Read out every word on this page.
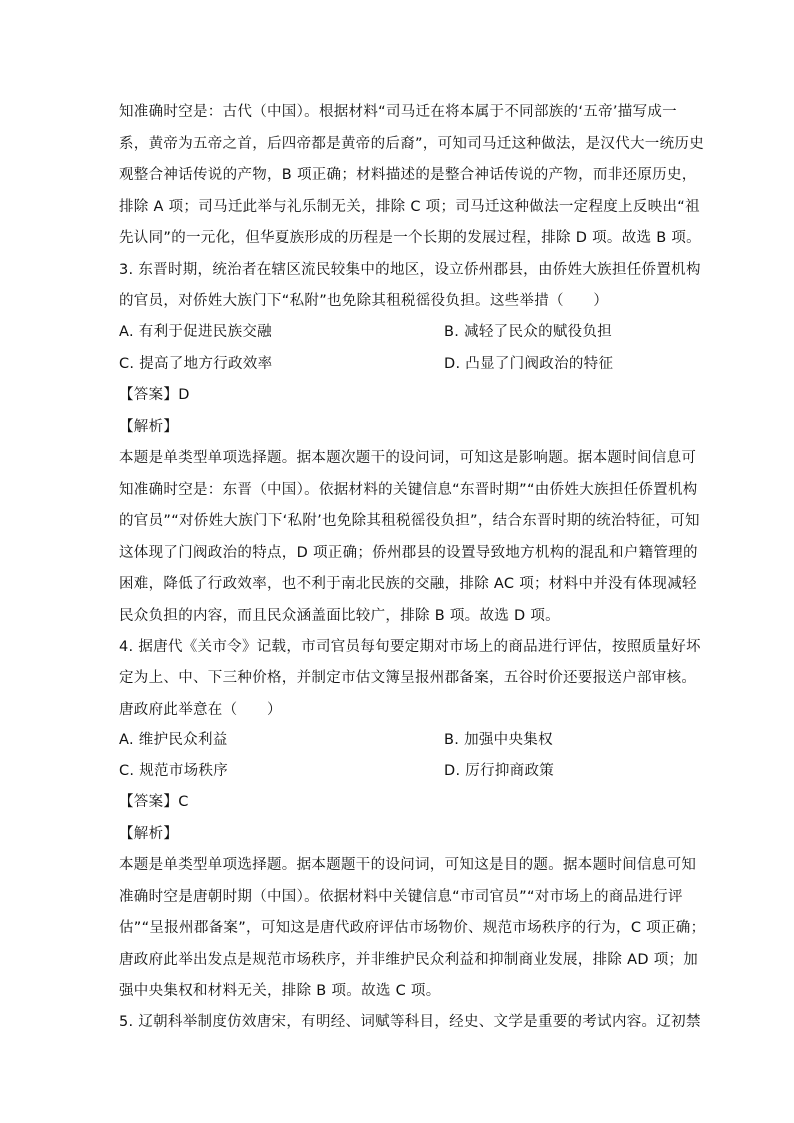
知准确时空是：古代（中国）。根据材料“司马迁在将本属于不同部族的‘五帝’描写成一
系，黄帝为五帝之首，后四帝都是黄帝的后裔”，可知司马迁这种做法，是汉代大一统历史
观整合神话传说的产物，B 项正确；材料描述的是整合神话传说的产物，而非还原历史，
排除 A 项；司马迁此举与礼乐制无关，排除 C 项；司马迁这种做法一定程度上反映出“祖
先认同”的一元化，但华夏族形成的历程是一个长期的发展过程，排除 D 项。故选 B 项。
3. 东晋时期，统治者在辖区流民较集中的地区，设立侨州郡县，由侨姓大族担任侨置机构
的官员，对侨姓大族门下“私附”也免除其租税徭役负担。这些举措（　　）
A. 有利于促进民族交融	B. 减轻了民众的赋役负担
C. 提高了地方行政效率	D. 凸显了门阀政治的特征
【答案】D
【解析】
本题是单类型单项选择题。据本题次题干的设问词，可知这是影响题。据本题时间信息可
知准确时空是：东晋（中国）。依据材料的关键信息“东晋时期”“由侨姓大族担任侨置机构
的官员”“对侨姓大族门下‘私附’也免除其租税徭役负担”，结合东晋时期的统治特征，可知
这体现了门阀政治的特点，D 项正确；侨州郡县的设置导致地方机构的混乱和户籍管理的
困难，降低了行政效率，也不利于南北民族的交融，排除 AC 项；材料中并没有体现减轻
民众负担的内容，而且民众涵盖面比较广，排除 B 项。故选 D 项。
4. 据唐代《关市令》记载，市司官员每旬要定期对市场上的商品进行评估，按照质量好坏
定为上、中、下三种价格，并制定市估文簿呈报州郡备案，五谷时价还要报送户部审核。
唐政府此举意在（　　）
A. 维护民众利益	B. 加强中央集权
C. 规范市场秩序	D. 厉行抑商政策
【答案】C
【解析】
本题是单类型单项选择题。据本题题干的设问词，可知这是目的题。据本题时间信息可知
准确时空是唐朝时期（中国）。依据材料中关键信息“市司官员”“对市场上的商品进行评
估”“呈报州郡备案”，可知这是唐代政府评估市场物价、规范市场秩序的行为，C 项正确；
唐政府此举出发点是规范市场秩序，并非维护民众利益和抑制商业发展，排除 AD 项；加
强中央集权和材料无关，排除 B 项。故选 C 项。
5. 辽朝科举制度仿效唐宋，有明经、词赋等科目，经史、文学是重要的考试内容。辽初禁
